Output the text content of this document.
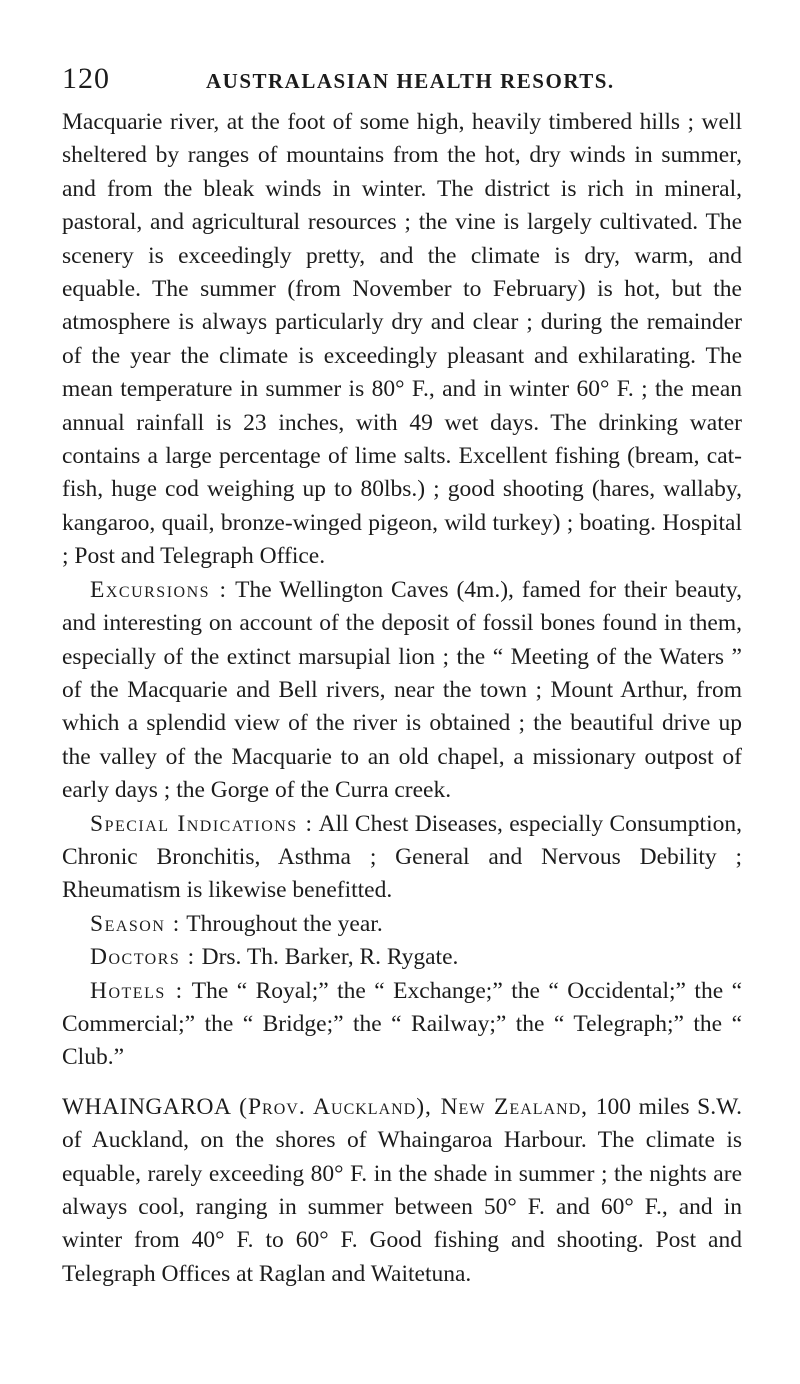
120	AUSTRALASIAN HEALTH RESORTS.

Macquarie river, at the foot of some high, heavily timbered hills ; well sheltered by ranges of mountains from the hot, dry winds in summer, and from the bleak winds in winter. The district is rich in mineral, pastoral, and agricultural resources ; the vine is largely cultivated. The scenery is exceedingly pretty, and the climate is dry, warm, and equable. The summer (from November to February) is hot, but the atmosphere is always particularly dry and clear ; during the remainder of the year the climate is exceedingly pleasant and exhilarating. The mean temperature in summer is 80° F., and in winter 60° F. ; the mean annual rainfall is 23 inches, with 49 wet days. The drinking water contains a large percentage of lime salts. Excellent fishing (bream, cat-fish, huge cod weighing up to 80lbs.) ; good shooting (hares, wallaby, kangaroo, quail, bronze-winged pigeon, wild turkey) ; boating. Hospital ; Post and Telegraph Office.

Excursions : The Wellington Caves (4m.), famed for their beauty, and interesting on account of the deposit of fossil bones found in them, especially of the extinct marsupial lion ; the “ Meeting of the Waters ” of the Macquarie and Bell rivers, near the town ; Mount Arthur, from which a splendid view of the river is obtained ; the beautiful drive up the valley of the Macquarie to an old chapel, a missionary outpost of early days ; the Gorge of the Curra creek.

Special Indications : All Chest Diseases, especially Consumption, Chronic Bronchitis, Asthma ; General and Nervous Debility ; Rheumatism is likewise benefitted.

Season : Throughout the year.

Doctors : Drs. Th. Barker, R. Rygate.

Hotels : The “ Royal;” the “ Exchange;” the “ Occidental;” the “ Commercial;” the “ Bridge;” the “ Railway;” the “ Telegraph;” the “ Club.”

WHAINGAROA (Prov. Auckland), New Zealand, 100 miles S.W. of Auckland, on the shores of Whaingaroa Harbour. The climate is equable, rarely exceeding 80° F. in the shade in summer ; the nights are always cool, ranging in summer between 50° F. and 60° F., and in winter from 40° F. to 60° F. Good fishing and shooting. Post and Telegraph Offices at Raglan and Waitetuna.
